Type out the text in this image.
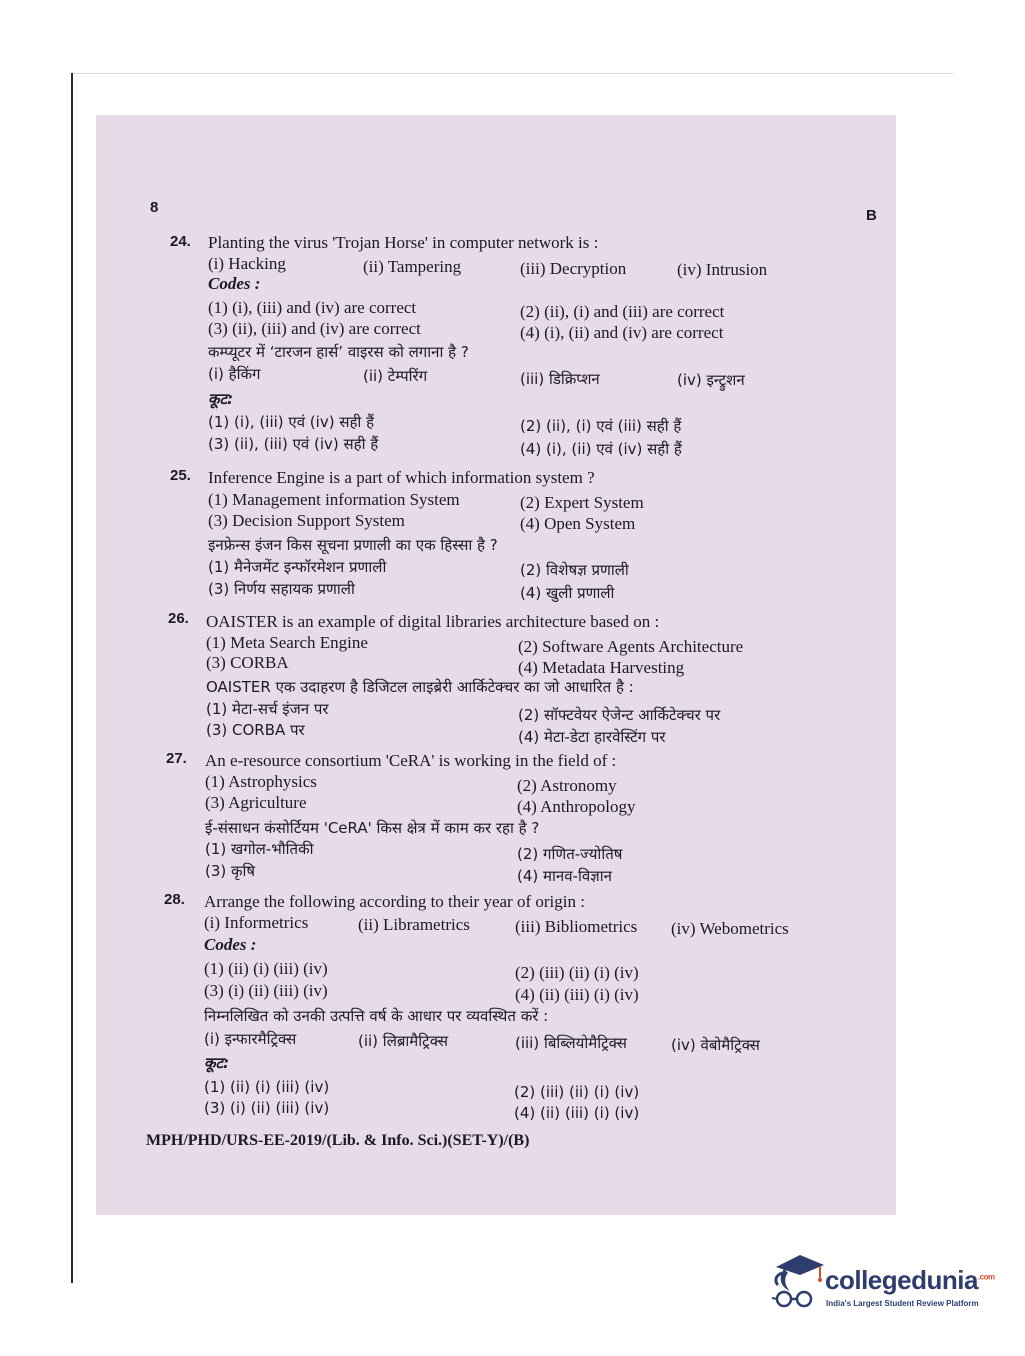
8	B
24. Planting the virus 'Trojan Horse' in computer network is :
(i) Hacking	(ii) Tampering	(iii) Decryption	(iv) Intrusion
Codes :
(1) (i), (iii) and (iv) are correct	(2) (ii), (i) and (iii) are correct
(3) (ii), (iii) and (iv) are correct	(4) (i), (ii) and (iv) are correct
कम्प्यूटर में ‘टारजन हार्स’ वाइरस को लगाना है ?
(i) हैकिंग	(ii) टेम्परिंग	(iii) डिक्रिप्शन	(iv) इन्ट्रुशन
कूट:
(1) (i), (iii) एवं (iv) सही हैं	(2) (ii), (i) एवं (iii) सही हैं
(3) (ii), (iii) एवं (iv) सही हैं	(4) (i), (ii) एवं (iv) सही हैं
25. Inference Engine is a part of which information system ?
(1) Management information System	(2) Expert System
(3) Decision Support System	(4) Open System
इनफ्रेन्स इंजन किस सूचना प्रणाली का एक हिस्सा है ?
(1) मैनेजमेंट इन्फॉरमेशन प्रणाली	(2) विशेषज्ञ प्रणाली
(3) निर्णय सहायक प्रणाली	(4) खुली प्रणाली
26. OAISTER is an example of digital libraries architecture based on :
(1) Meta Search Engine	(2) Software Agents Architecture
(3) CORBA	(4) Metadata Harvesting
OAISTER एक उदाहरण है डिजिटल लाइब्रेरी आर्किटेक्चर का जो आधारित है :
(1) मेटा-सर्च इंजन पर	(2) सॉफ्टवेयर ऐजेन्ट आर्किटेक्चर पर
(3) CORBA पर	(4) मेटा-डेटा हारवेस्टिंग पर
27. An e-resource consortium 'CeRA' is working in the field of :
(1) Astrophysics	(2) Astronomy
(3) Agriculture	(4) Anthropology
ई-संसाधन कंसोर्टियम 'CeRA' किस क्षेत्र में काम कर रहा है ?
(1) खगोल-भौतिकी	(2) गणित-ज्योतिष
(3) कृषि	(4) मानव-विज्ञान
28. Arrange the following according to their year of origin :
(i) Informetrics	(ii) Librametrics	(iii) Bibliometrics (iv) Webometrics
Codes :
(1) (ii) (i) (iii) (iv)	(2) (iii) (ii) (i) (iv)
(3) (i) (ii) (iii) (iv)	(4) (ii) (iii) (i) (iv)
निम्नलिखित को उनकी उत्पत्ति वर्ष के आधार पर व्यवस्थित करें :
(i) इन्फारमैट्रिक्स	(ii) लिब्रामैट्रिक्स	(iii) बिब्लियोमैट्रिक्स	(iv) वेबोमैट्रिक्स
कूट:
(1) (ii) (i) (iii) (iv)	(2) (iii) (ii) (i) (iv)
(3) (i) (ii) (iii) (iv)	(4) (ii) (iii) (i) (iv)
MPH/PHD/URS-EE-2019/(Lib. & Info. Sci.)(SET-Y)/(B)
collegedunia$^{.com}$
India's Largest Student Review Platform
